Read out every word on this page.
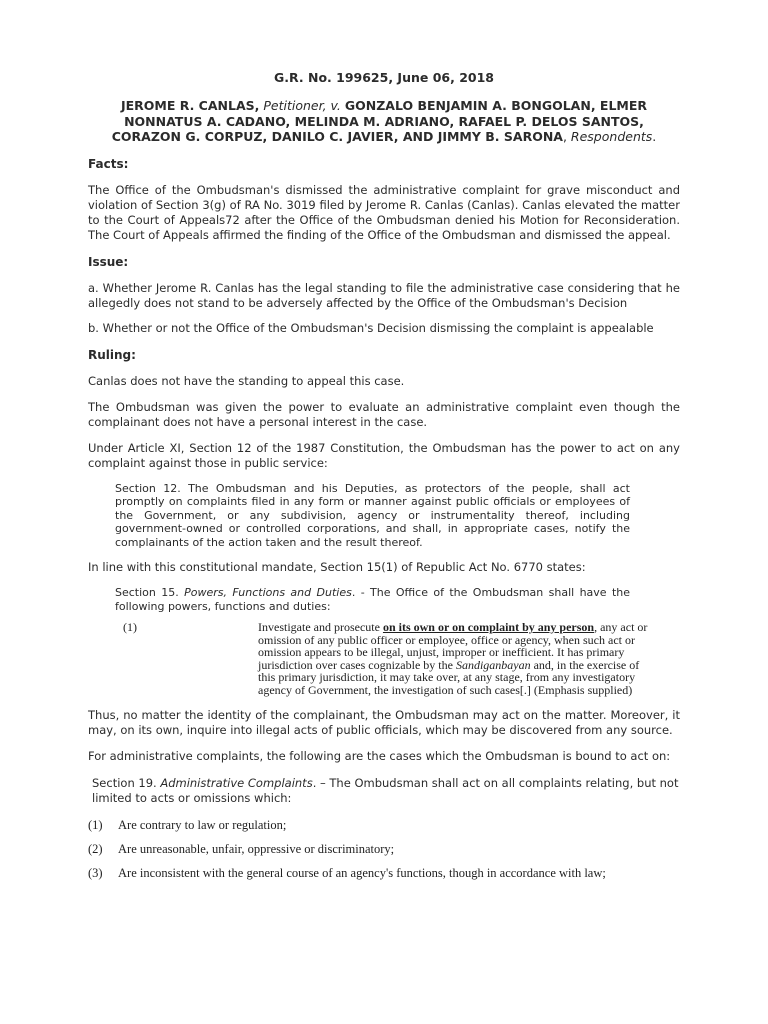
G.R. No. 199625, June 06, 2018

JEROME R. CANLAS, Petitioner, v. GONZALO BENJAMIN A. BONGOLAN, ELMER NONNATUS A. CADANO, MELINDA M. ADRIANO, RAFAEL P. DELOS SANTOS, CORAZON G. CORPUZ, DANILO C. JAVIER, AND JIMMY B. SARONA, Respondents.

Facts:

The Office of the Ombudsman's dismissed the administrative complaint for grave misconduct and violation of Section 3(g) of RA No. 3019 filed by Jerome R. Canlas (Canlas). Canlas elevated the matter to the Court of Appeals72 after the Office of the Ombudsman denied his Motion for Reconsideration. The Court of Appeals affirmed the finding of the Office of the Ombudsman and dismissed the appeal.

Issue:

a. Whether Jerome R. Canlas has the legal standing to file the administrative case considering that he allegedly does not stand to be adversely affected by the Office of the Ombudsman's Decision

b. Whether or not the Office of the Ombudsman's Decision dismissing the complaint is appealable

Ruling:

Canlas does not have the standing to appeal this case.

The Ombudsman was given the power to evaluate an administrative complaint even though the complainant does not have a personal interest in the case.

Under Article XI, Section 12 of the 1987 Constitution, the Ombudsman has the power to act on any complaint against those in public service:

Section 12. The Ombudsman and his Deputies, as protectors of the people, shall act promptly on complaints filed in any form or manner against public officials or employees of the Government, or any subdivision, agency or instrumentality thereof, including government-owned or controlled corporations, and shall, in appropriate cases, notify the complainants of the action taken and the result thereof.

In line with this constitutional mandate, Section 15(1) of Republic Act No. 6770 states:

Section 15. Powers, Functions and Duties. - The Office of the Ombudsman shall have the following powers, functions and duties:

(1)	Investigate and prosecute on its own or on complaint by any person, any act or omission of any public officer or employee, office or agency, when such act or omission appears to be illegal, unjust, improper or inefficient. It has primary jurisdiction over cases cognizable by the Sandiganbayan and, in the exercise of this primary jurisdiction, it may take over, at any stage, from any investigatory agency of Government, the investigation of such cases[.] (Emphasis supplied)

Thus, no matter the identity of the complainant, the Ombudsman may act on the matter. Moreover, it may, on its own, inquire into illegal acts of public officials, which may be discovered from any source.

For administrative complaints, the following are the cases which the Ombudsman is bound to act on:

Section 19. Administrative Complaints. – The Ombudsman shall act on all complaints relating, but not limited to acts or omissions which:

(1)	Are contrary to law or regulation;
(2)	Are unreasonable, unfair, oppressive or discriminatory;
(3)	Are inconsistent with the general course of an agency's functions, though in accordance with law;
